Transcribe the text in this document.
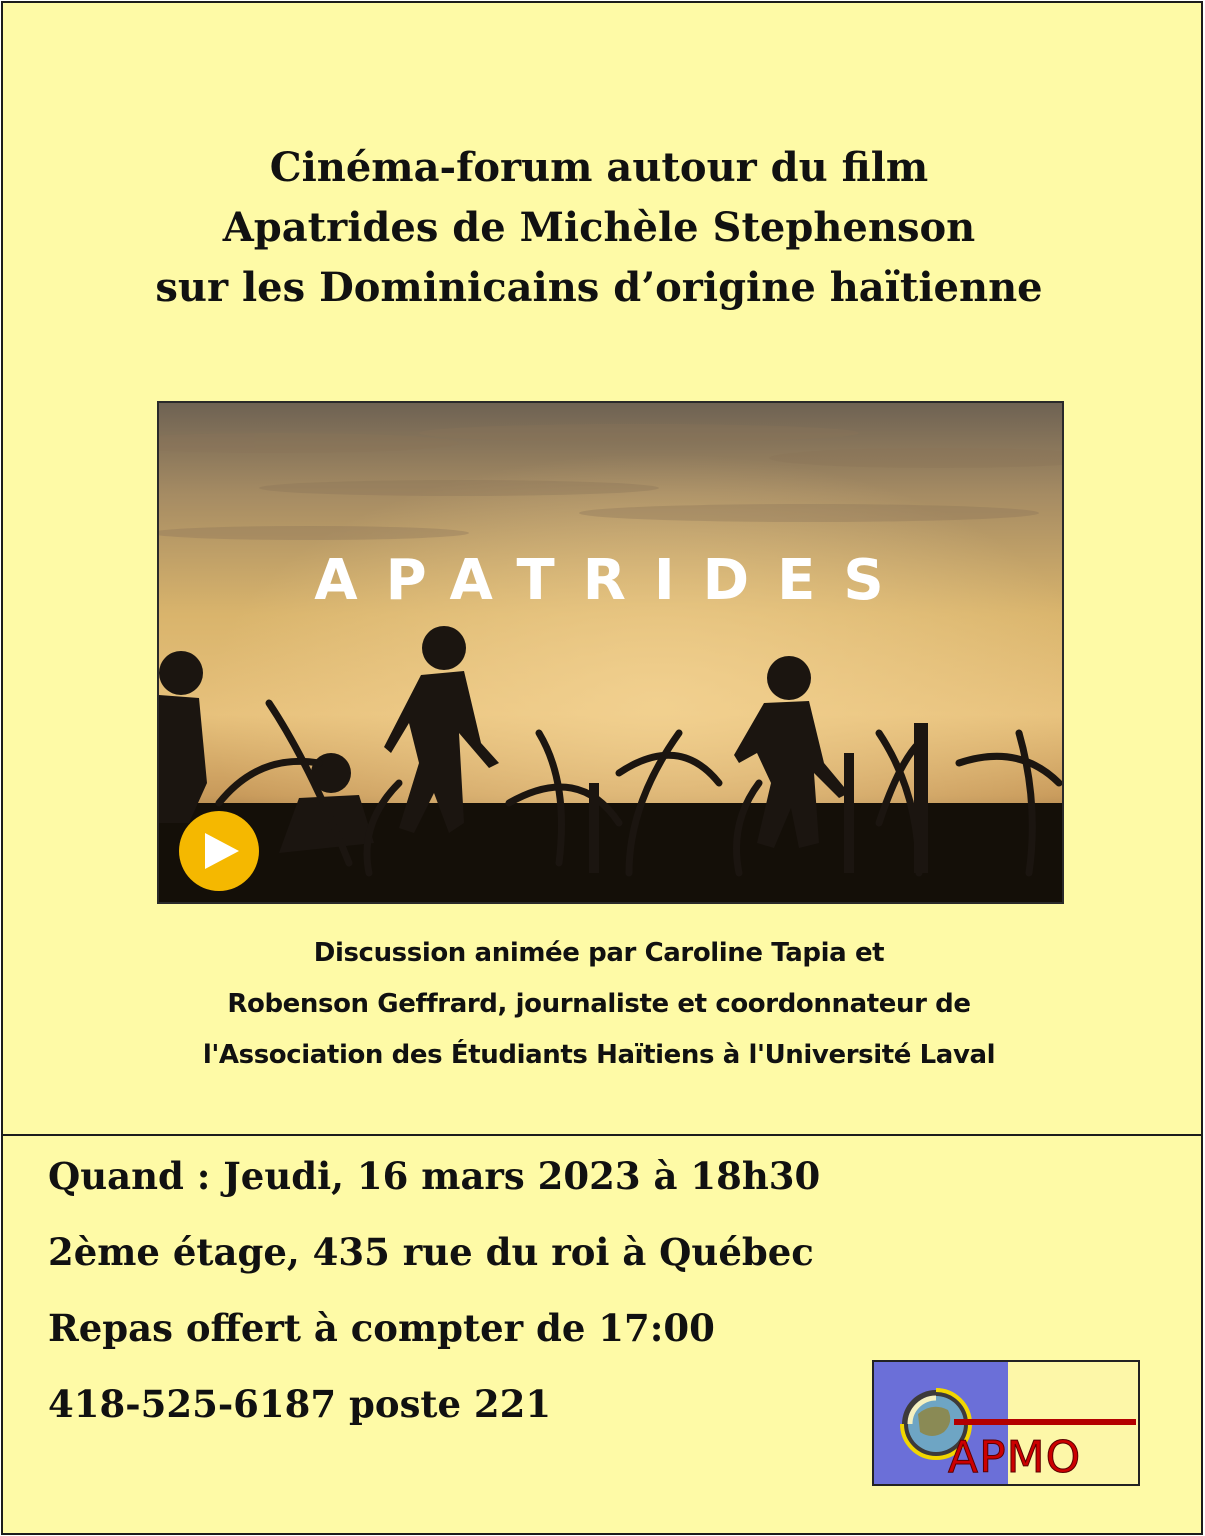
Cinéma-forum autour du film
Apatrides de Michèle Stephenson
sur les Dominicains d’origine haïtienne
APATRIDES
Discussion animée par Caroline Tapia et
Robenson Geffrard, journaliste et coordonnateur de
l'Association des Étudiants Haïtiens à l'Université Laval
Quand : Jeudi, 16 mars 2023 à 18h30
2ème étage, 435 rue du roi à Québec
Repas offert à compter de 17:00
418-525-6187 poste 221
APMO
